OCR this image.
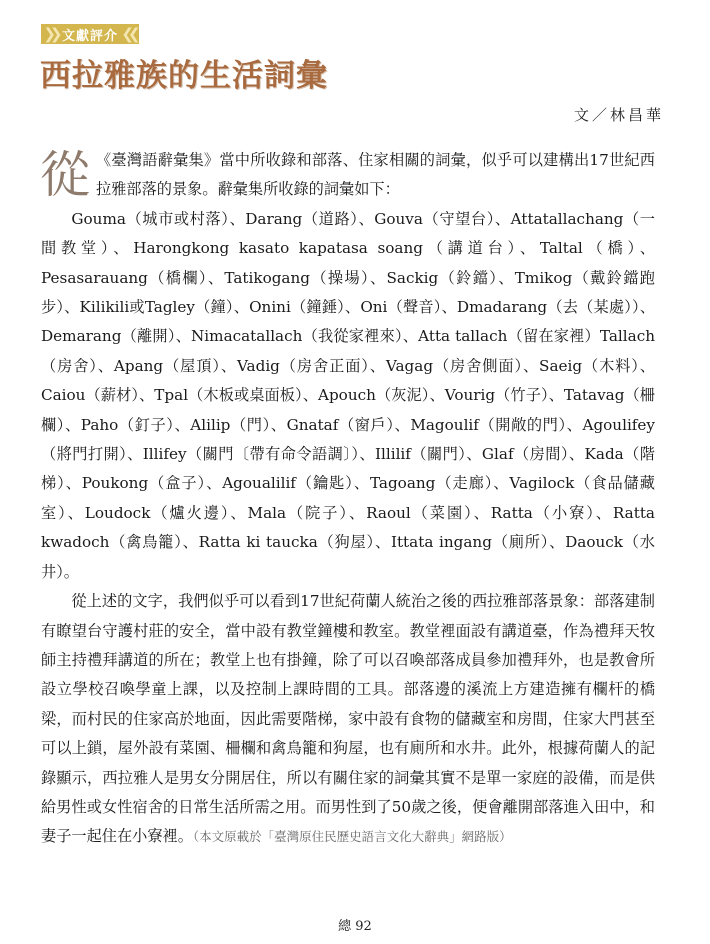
❯❯ 文獻評介 ❮❮
西拉雅族的生活詞彙
文／林昌華

從 《臺灣語辭彙集》當中所收錄和部落、住家相關的詞彙，似乎可以建構出17世紀西拉雅部落的景象。辭彙集所收錄的詞彙如下：

Gouma（城市或村落）、Darang（道路）、Gouva（守望台）、Attatallachang（一間教堂）、Harongkong kasato kapatasa soang（講道台）、Taltal（橋）、Pesasarauang（橋欄）、Tatikogang（操場）、Sackig（鈴鐺）、Tmikog（戴鈴鐺跑步）、Kilikili或Tagley（鐘）、Onini（鐘錘）、Oni（聲音）、Dmadarang（去（某處））、Demarang（離開）、Nimacatallach（我從家裡來）、Atta tallach（留在家裡）Tallach（房舍）、Apang（屋頂）、Vadig（房舍正面）、Vagag（房舍側面）、Saeig（木料）、Caiou（薪材）、Tpal（木板或桌面板）、Apouch（灰泥）、Vourig（竹子）、Tatavag（柵欄）、Paho（釘子）、Alilip（門）、Gnataf（窗戶）、Magoulif（開敞的門）、Agoulifey（將門打開）、Illifey（關門〔帶有命令語調〕）、Illilif（關門）、Glaf（房間）、Kada（階梯）、Poukong（盒子）、Agoualilif（鑰匙）、Tagoang（走廊）、Vagilock（食品儲藏室）、Loudock（爐火邊）、Mala（院子）、Raoul（菜園）、Ratta（小寮）、Ratta kwadoch（禽鳥籠）、Ratta ki taucka（狗屋）、Ittata ingang（廁所）、Daouck（水井）。

從上述的文字，我們似乎可以看到17世紀荷蘭人統治之後的西拉雅部落景象：部落建制有瞭望台守護村莊的安全，當中設有教堂鐘樓和教室。教堂裡面設有講道臺，作為禮拜天牧師主持禮拜講道的所在；教堂上也有掛鐘，除了可以召喚部落成員參加禮拜外，也是教會所設立學校召喚學童上課，以及控制上課時間的工具。部落邊的溪流上方建造擁有欄杆的橋梁，而村民的住家高於地面，因此需要階梯，家中設有食物的儲藏室和房間，住家大門甚至可以上鎖，屋外設有菜園、柵欄和禽鳥籠和狗屋，也有廁所和水井。此外，根據荷蘭人的記錄顯示，西拉雅人是男女分開居住，所以有關住家的詞彙其實不是單一家庭的設備，而是供給男性或女性宿舍的日常生活所需之用。而男性到了50歲之後，便會離開部落進入田中，和妻子一起住在小寮裡。（本文原載於「臺灣原住民歷史語言文化大辭典」網路版）

總 92
